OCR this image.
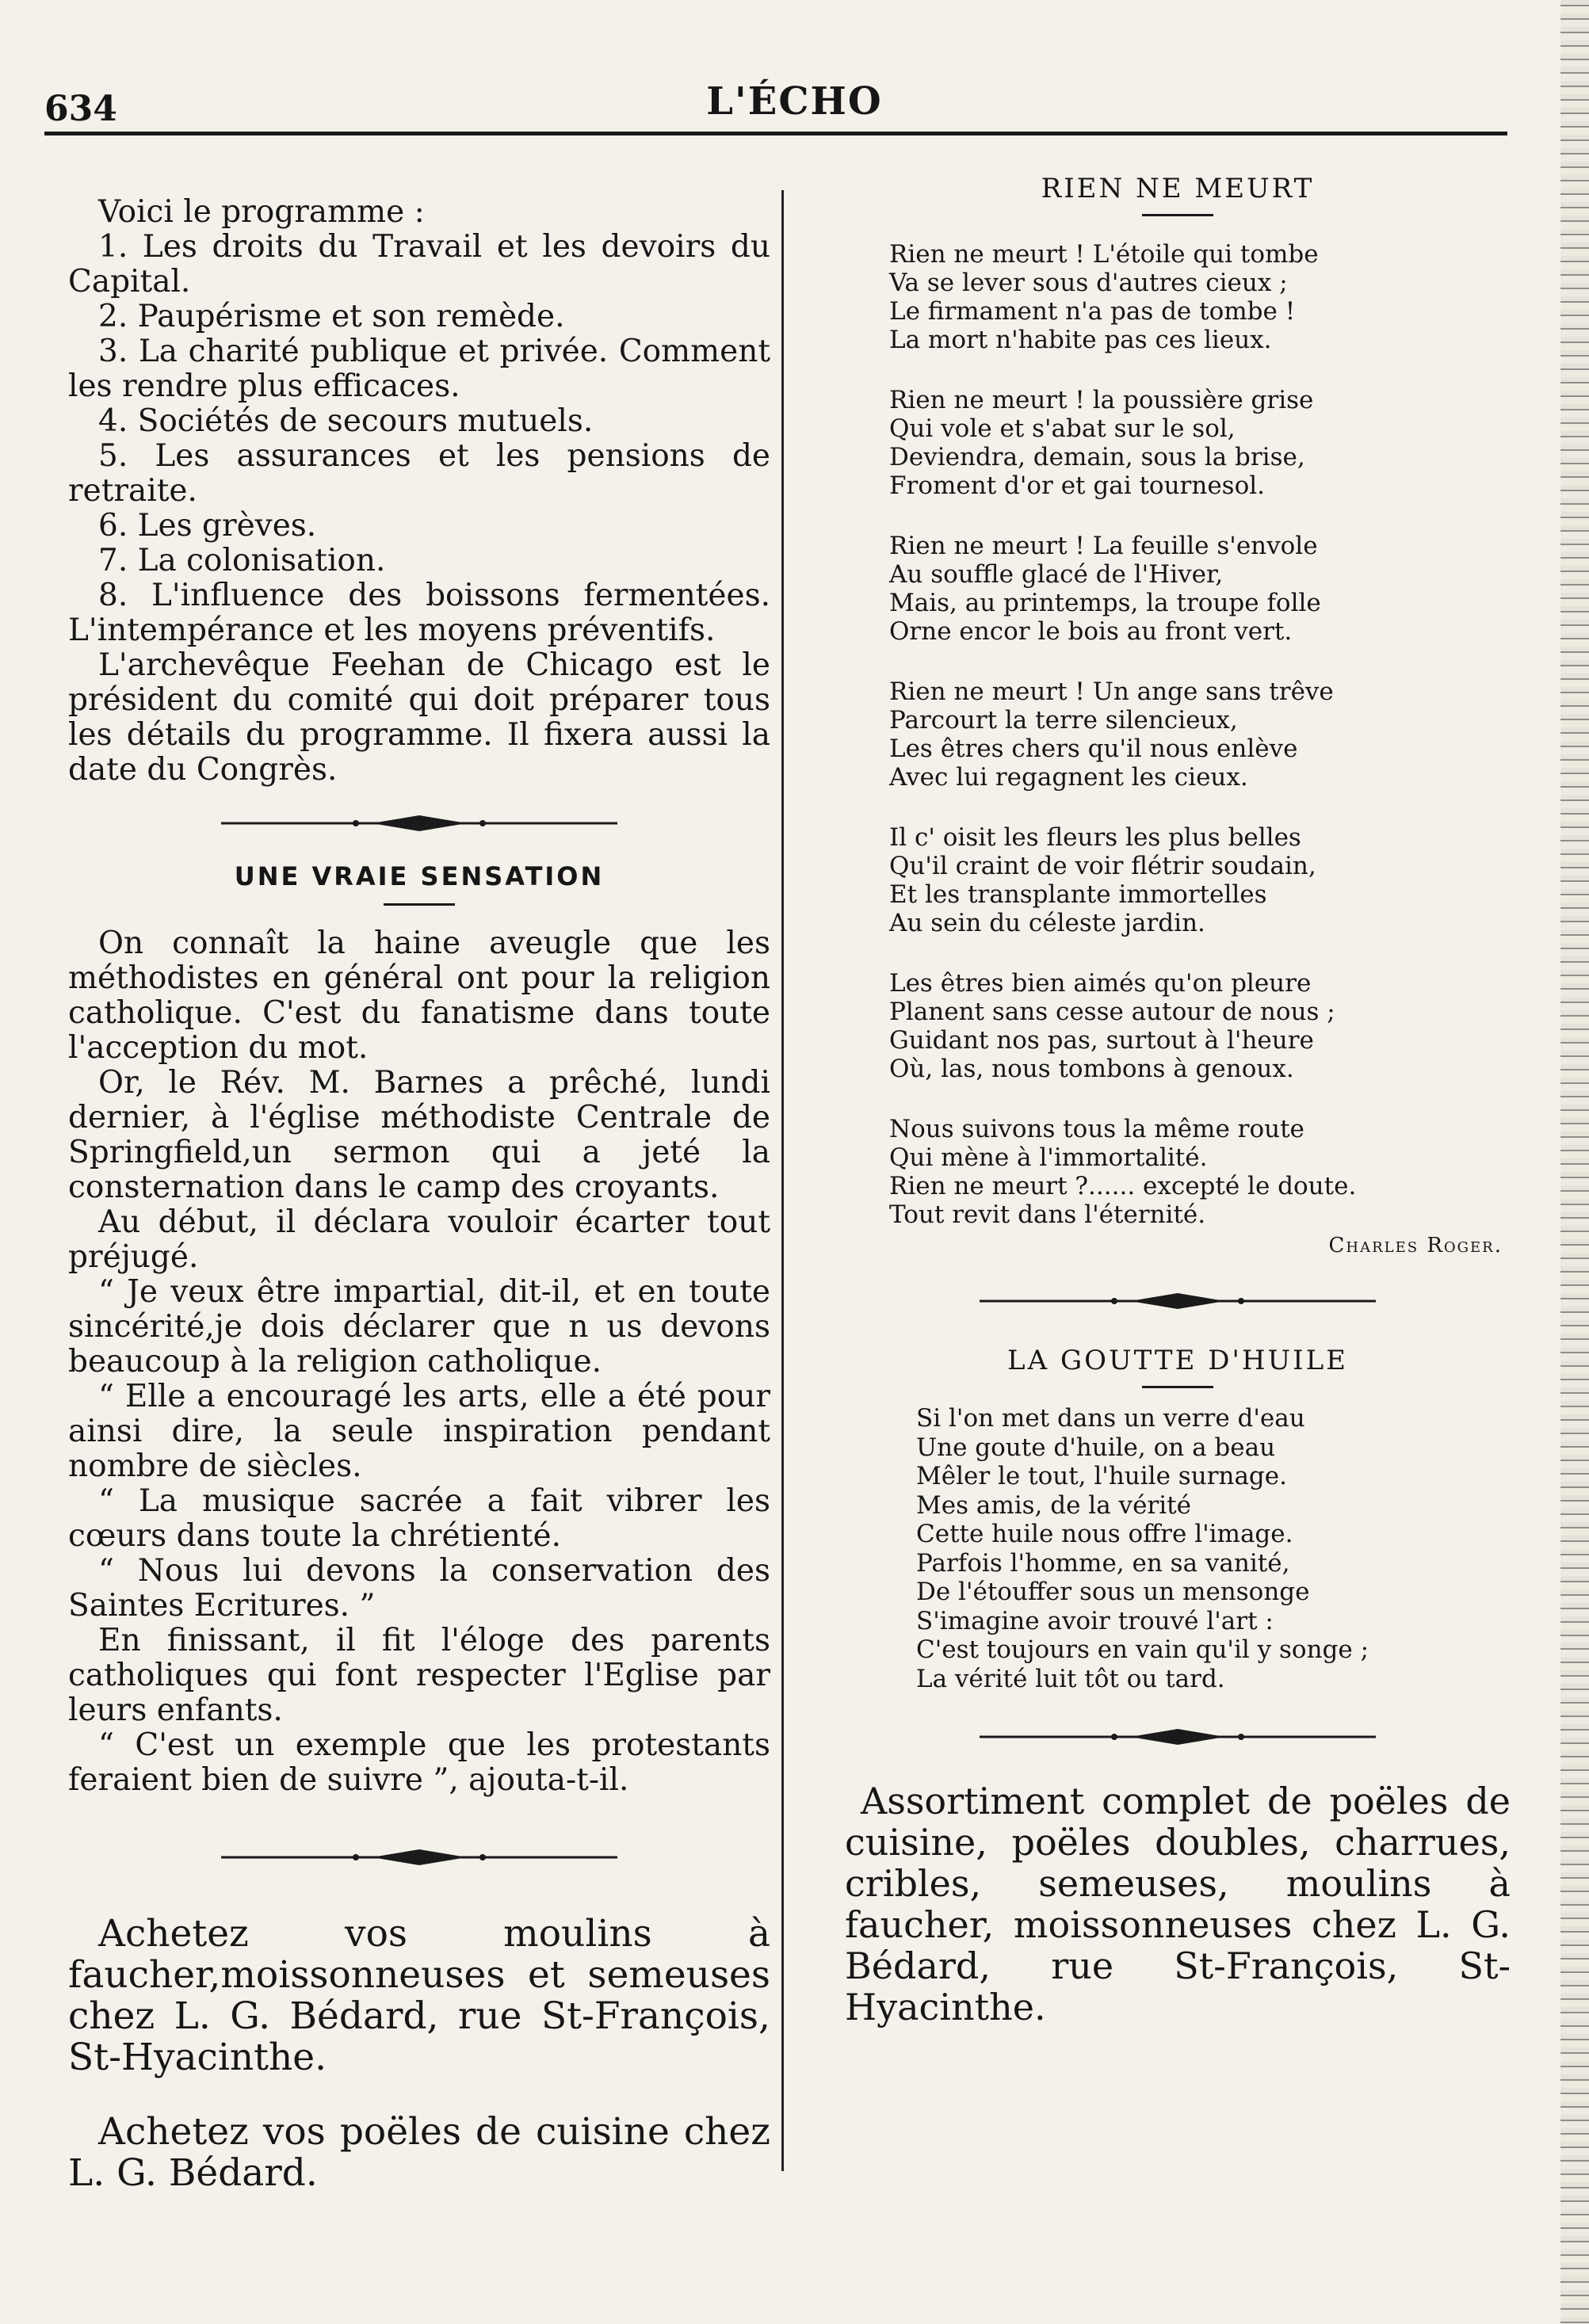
634	L'ÉCHO

Voici le programme :

1. Les droits du Travail et les devoirs du Capital.
2. Paupérisme et son remède.
3. La charité publique et privée. Comment les rendre plus efficaces.
4. Sociétés de secours mutuels.
5. Les assurances et les pensions de retraite.
6. Les grèves.
7. La colonisation.
8. L'influence des boissons fermentées. L'intempérance et les moyens préventifs.

L'archevêque Feehan de Chicago est le président du comité qui doit préparer tous les détails du programme. Il fixera aussi la date du Congrès.

UNE VRAIE SENSATION

On connaît la haine aveugle que les méthodistes en général ont pour la religion catholique. C'est du fanatisme dans toute l'acception du mot.

Or, le Rév. M. Barnes a prêché, lundi dernier, à l'église méthodiste Centrale de Springfield,un sermon qui a jeté la consternation dans le camp des croyants.

Au début, il déclara vouloir écarter tout préjugé.

“ Je veux être impartial, dit-il, et en toute sincérité,je dois déclarer que n us devons beaucoup à la religion catholique.

“ Elle a encouragé les arts, elle a été pour ainsi dire, la seule inspiration pendant nombre de siècles.

“ La musique sacrée a fait vibrer les cœurs dans toute la chrétienté.

“ Nous lui devons la conservation des Saintes Ecritures. ”

En finissant, il fit l'éloge des parents catholiques qui font respecter l'Eglise par leurs enfants.

“ C'est un exemple que les protestants feraient bien de suivre ”, ajouta-t-il.

Achetez vos moulins à faucher,moissonneuses et semeuses chez L. G. Bédard, rue St-François, St-Hyacinthe.

Achetez vos poëles de cuisine chez L. G. Bédard.

RIEN NE MEURT
Rien ne meurt ! L'étoile qui tombe
Va se lever sous d'autres cieux ;
Le firmament n'a pas de tombe !
La mort n'habite pas ces lieux.
Rien ne meurt ! la poussière grise
Qui vole et s'abat sur le sol,
Deviendra, demain, sous la brise,
Froment d'or et gai tournesol.
Rien ne meurt ! La feuille s'envole
Au souffle glacé de l'Hiver,
Mais, au printemps, la troupe folle
Orne encor le bois au front vert.
Rien ne meurt ! Un ange sans trêve
Parcourt la terre silencieux,
Les êtres chers qu'il nous enlève
Avec lui regagnent les cieux.
Il c' oisit les fleurs les plus belles
Qu'il craint de voir flétrir soudain,
Et les transplante immortelles
Au sein du céleste jardin.
Les êtres bien aimés qu'on pleure
Planent sans cesse autour de nous ;
Guidant nos pas, surtout à l'heure
Où, las, nous tombons à genoux.
Nous suivons tous la même route
Qui mène à l'immortalité.
Rien ne meurt ?...... excepté le doute.
Tout revit dans l'éternité.
Charles Roger.
LA GOUTTE D'HUILE
Si l'on met dans un verre d'eau
Une goute d'huile, on a beau
Mêler le tout, l'huile surnage.
Mes amis, de la vérité
Cette huile nous offre l'image.
Parfois l'homme, en sa vanité,
De l'étouffer sous un mensonge
S'imagine avoir trouvé l'art :
C'est toujours en vain qu'il y songe ;
La vérité luit tôt ou tard.

Assortiment complet de poëles de cuisine, poëles doubles, charrues, cribles, semeuses, moulins à faucher, moissonneuses chez L. G. Bédard, rue St-François, St-Hyacinthe.
